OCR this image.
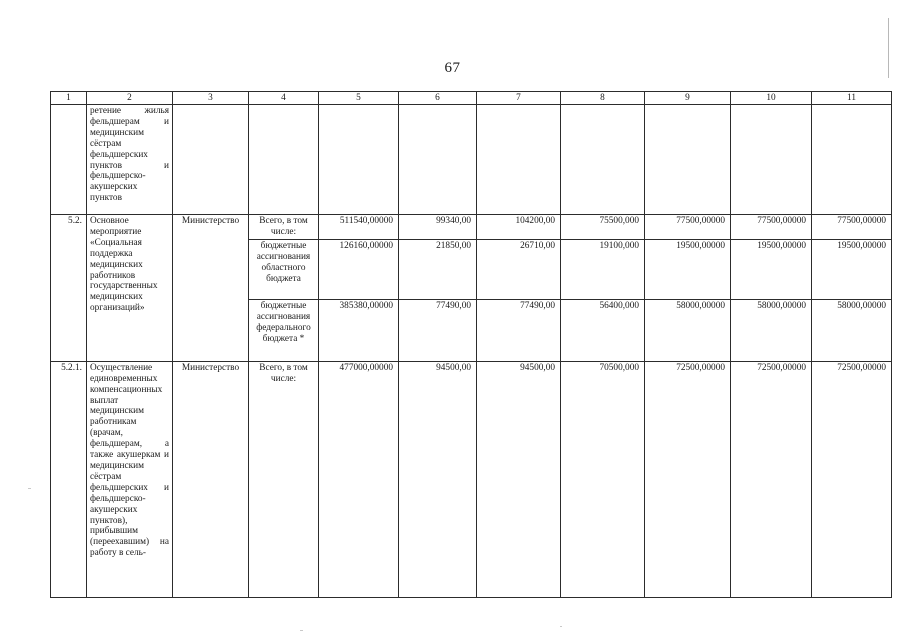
67
1	2	3	4	5	6	7	8	9	10	11
	ретение жилья фельдшерам и медицинским сёстрам фельдшерских пунктов и фельдшерско-акушерских пунктов									
5.2.	Основное мероприятие «Социальная поддержка медицинских работников государственных медицинских организаций»	Министерство	Всего, в том числе:	511540,00000	99340,00	104200,00	75500,000	77500,00000	77500,00000	77500,00000
			бюджетные ассигнования областного бюджета	126160,00000	21850,00	26710,00	19100,000	19500,00000	19500,00000	19500,00000
			бюджетные ассигнования федерального бюджета *	385380,00000	77490,00	77490,00	56400,000	58000,00000	58000,00000	58000,00000
5.2.1.	Осуществление единовременных компенсационных выплат медицинским работникам (врачам, фельдшерам, а также акушеркам и медицинским сёстрам фельдшерских и фельдшерско-акушерских пунктов), прибывшим (переехавшим) на работу в сель-	Министерство	Всего, в том числе:	477000,00000	94500,00	94500,00	70500,000	72500,00000	72500,00000	72500,00000
